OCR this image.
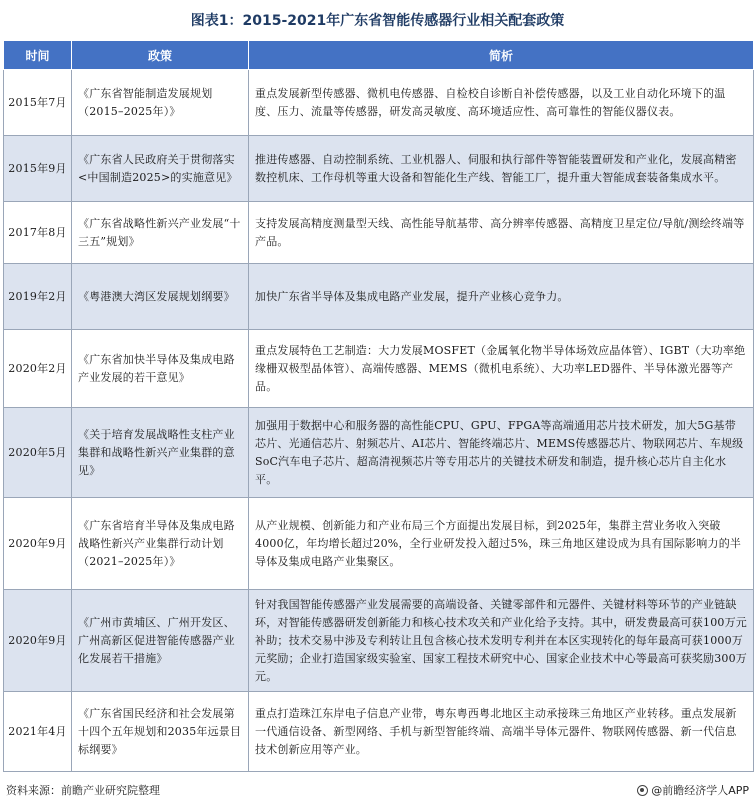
图表1：2015-2021年广东省智能传感器行业相关配套政策
时间	政策	简析
2015年7月	《广东省智能制造发展规划（2015–2025年）》	重点发展新型传感器、微机电传感器、自检校自诊断自补偿传感器，以及工业自动化环境下的温度、压力、流量等传感器，研发高灵敏度、高环境适应性、高可靠性的智能仪器仪表。
2015年9月	《广东省人民政府关于贯彻落实<中国制造2025>的实施意见》	推进传感器、自动控制系统、工业机器人、伺服和执行部件等智能装置研发和产业化，发展高精密数控机床、工作母机等重大设备和智能化生产线、智能工厂，提升重大智能成套装备集成水平。
2017年8月	《广东省战略性新兴产业发展“十三五”规划》	支持发展高精度测量型天线、高性能导航基带、高分辨率传感器、高精度卫星定位/导航/测绘终端等产品。
2019年2月	《粤港澳大湾区发展规划纲要》	加快广东省半导体及集成电路产业发展，提升产业核心竞争力。
2020年2月	《广东省加快半导体及集成电路产业发展的若干意见》	重点发展特色工艺制造：大力发展MOSFET（金属氧化物半导体场效应晶体管）、IGBT（大功率绝缘栅双极型晶体管）、高端传感器、MEMS（微机电系统）、大功率LED器件、半导体激光器等产品。
2020年5月	《关于培育发展战略性支柱产业集群和战略性新兴产业集群的意见》	加强用于数据中心和服务器的高性能CPU、GPU、FPGA等高端通用芯片技术研发，加大5G基带芯片、光通信芯片、射频芯片、AI芯片、智能终端芯片、MEMS传感器芯片、物联网芯片、车规级SoC汽车电子芯片、超高清视频芯片等专用芯片的关键技术研发和制造，提升核心芯片自主化水平。
2020年9月	《广东省培育半导体及集成电路战略性新兴产业集群行动计划（2021–2025年）》	从产业规模、创新能力和产业布局三个方面提出发展目标，到2025年，集群主营业务收入突破4000亿，年均增长超过20%，全行业研发投入超过5%，珠三角地区建设成为具有国际影响力的半导体及集成电路产业集聚区。
2020年9月	《广州市黄埔区、广州开发区、广州高新区促进智能传感器产业化发展若干措施》	针对我国智能传感器产业发展需要的高端设备、关键零部件和元器件、关键材料等环节的产业链缺环，对智能传感器研发创新能力和核心技术攻关和产业化给予支持。其中，研发费最高可获100万元补助；技术交易中涉及专利转让且包含核心技术发明专利并在本区实现转化的每年最高可获1000万元奖励；企业打造国家级实验室、国家工程技术研究中心、国家企业技术中心等最高可获奖励300万元。
2021年4月	《广东省国民经济和社会发展第十四个五年规划和2035年远景目标纲要》	重点打造珠江东岸电子信息产业带，粤东粤西粤北地区主动承接珠三角地区产业转移。重点发展新一代通信设备、新型网络、手机与新型智能终端、高端半导体元器件、物联网传感器、新一代信息技术创新应用等产业。
资料来源：前瞻产业研究院整理	@前瞻经济学人APP
